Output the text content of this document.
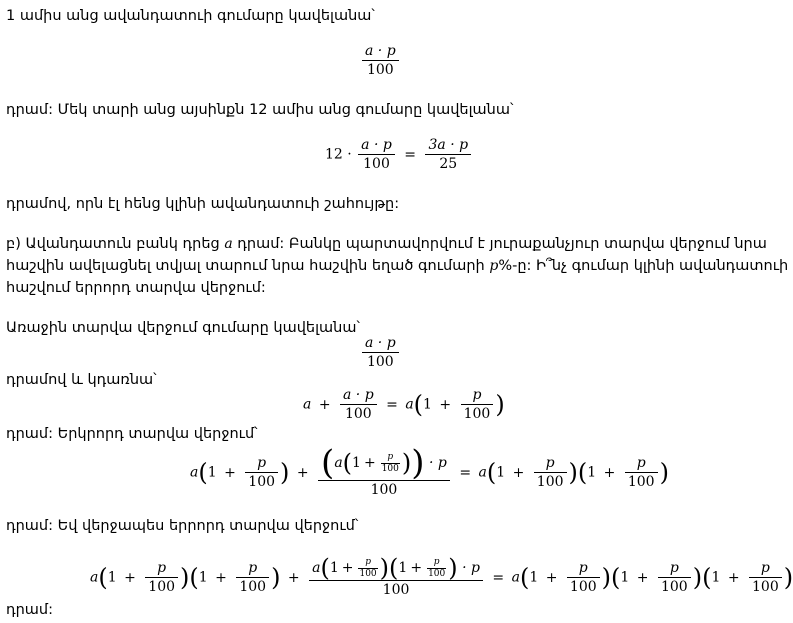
1 ամիս անց ավանդատուի գումարը կավելանա՝
$\frac{a \cdot p}{100}$
դրամ: Մեկ տարի անց այսինքն 12 ամիս անց գումարը կավելանա՝
$12 \cdot \frac{a \cdot p}{100} = \frac{3a \cdot p}{25}$
դրամով, որն էլ հենց կլինի ավանդատուի շահույթը:
բ) Ավանդատուն բանկ դրեց a դրամ: Բանկը պարտավորվում է յուրաքանչյուր տարվա վերջում նրա
հաշվին ավելացնել տվյալ տարում նրա հաշվին եղած գումարի p%-ը: Ի՞նչ գումար կլինի ավանդատուի
հաշվում երրորդ տարվա վերջում:
Առաջին տարվա վերջում գումարը կավելանա՝
$\frac{a \cdot p}{100}$
դրամով և կդառնա՝
$a + \frac{a \cdot p}{100} = a(1 + \frac{p}{100}$ )
դրամ: Երկրորդ տարվա վերջում՝
$a(1 + \frac{p}{100}$ ) + $\frac{(a(1 + \frac{p}{100} )) \cdot p}{100} = a(1 + \frac{p}{100} )(1 + \frac{p}{100}$ )
դրամ: Եվ վերջապես երրորդ տարվա վերջում՝
$a(1 + \frac{p}{100} )(1 + \frac{p}{100}$ ) + $\frac{a(1 + \frac{p}{100} )(1 + \frac{p}{100} ) \cdot p}{100} = a(1 + \frac{p}{100} )(1 + \frac{p}{100} )(1 + \frac{p}{100}$ )
դրամ:
